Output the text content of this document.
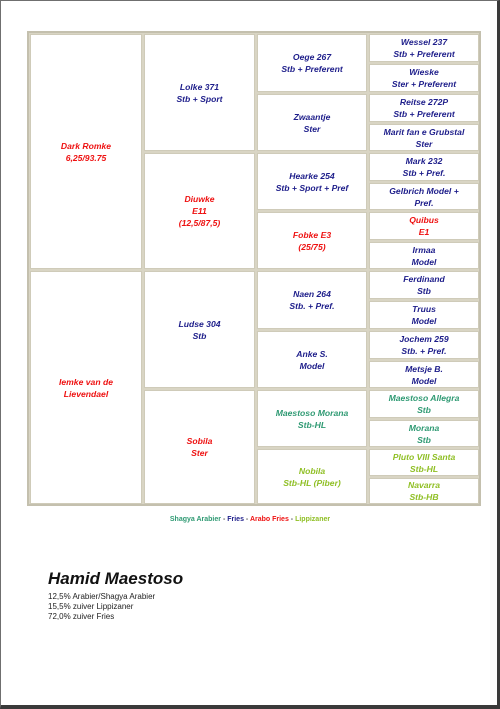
Dark Romke
6,25/93.75
Iemke van de
Lievendael
Lolke 371
Stb + Sport
Diuwke
E11
(12,5/87,5)
Ludse 304
Stb
Sobila
Ster
Oege 267
Stb + Preferent
Zwaantje
Ster
Hearke 254
Stb + Sport + Pref
Fobke E3
(25/75)
Naen 264
Stb. + Pref.
Anke S.
Model
Maestoso Morana
Stb-HL
Nobila
Stb-HL (Piber)
Wessel 237
Stb + Preferent
Wieske
Ster + Preferent
Reitse 272P
Stb + Preferent
Marit fan e Grubstal
Ster
Mark 232
Stb + Pref.
Gelbrich Model +
Pref.
Quibus
E1
Irmaa
Model
Ferdinand
Stb
Truus
Model
Jochem 259
Stb. + Pref.
Metsje B.
Model
Maestoso Allegra
Stb
Morana
Stb
Pluto VIII Santa
Stb-HL
Navarra
Stb-HB
Shagya Arabier - Fries - Arabo Fries - Lippizaner
Hamid Maestoso
12,5% Arabier/Shagya Arabier
15,5% zuiver Lippizaner
72,0% zuiver Fries
